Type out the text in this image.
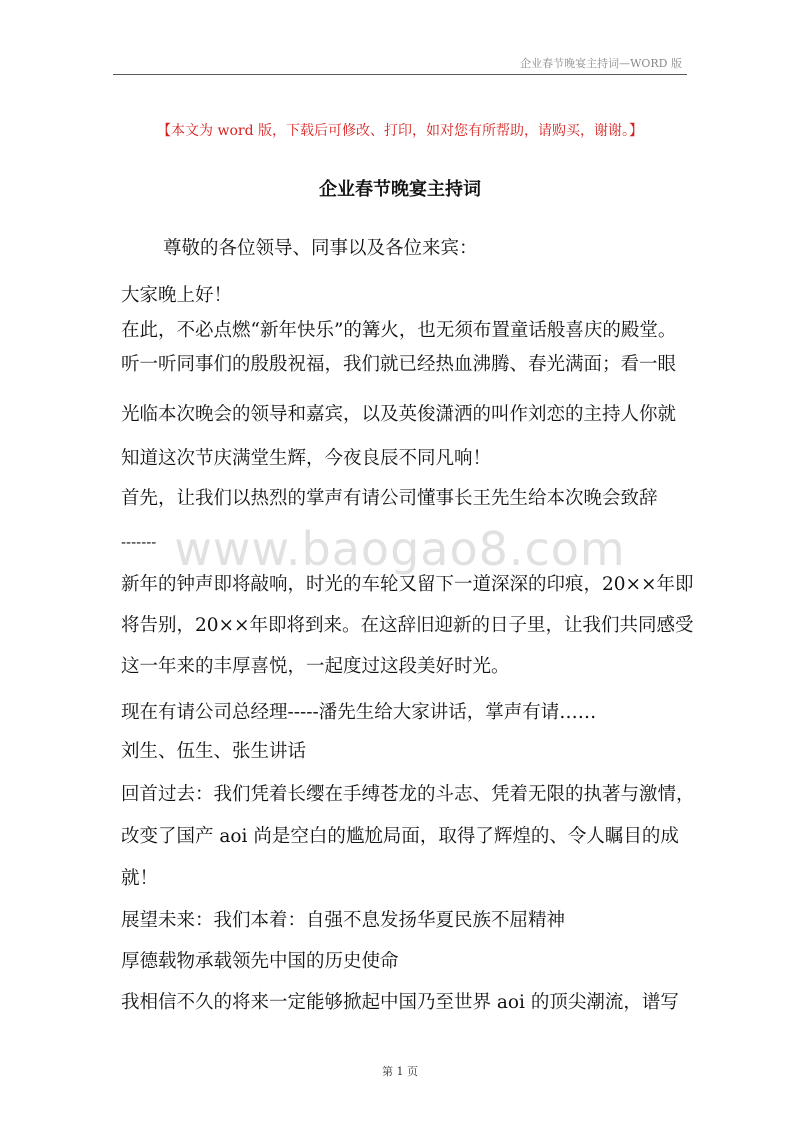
企业春节晚宴主持词—WORD 版
【本文为 word 版，下载后可修改、打印，如对您有所帮助，请购买，谢谢。】
企业春节晚宴主持词
尊敬的各位领导、同事以及各位来宾：
大家晚上好！
在此，不必点燃“新年快乐”的篝火，也无须布置童话般喜庆的殿堂。
听一听同事们的殷殷祝福，我们就已经热血沸腾、春光满面；看一眼
光临本次晚会的领导和嘉宾，以及英俊潇洒的叫作刘恋的主持人你就
知道这次节庆满堂生辉，今夜良辰不同凡响！
首先，让我们以热烈的掌声有请公司懂事长王先生给本次晚会致辞
------- www.baogao8.com
新年的钟声即将敲响，时光的车轮又留下一道深深的印痕，20××年即
将告别，20××年即将到来。在这辞旧迎新的日子里，让我们共同感受
这一年来的丰厚喜悦，一起度过这段美好时光。
现在有请公司总经理-----潘先生给大家讲话，掌声有请……
刘生、伍生、张生讲话
回首过去：我们凭着长缨在手缚苍龙的斗志、凭着无限的执著与激情，
改变了国产 aoi 尚是空白的尴尬局面，取得了辉煌的、令人瞩目的成
就！
展望未来：我们本着：自强不息发扬华夏民族不屈精神
厚德载物承载领先中国的历史使命
我相信不久的将来一定能够掀起中国乃至世界 aoi 的顶尖潮流，谱写
第 1 页
